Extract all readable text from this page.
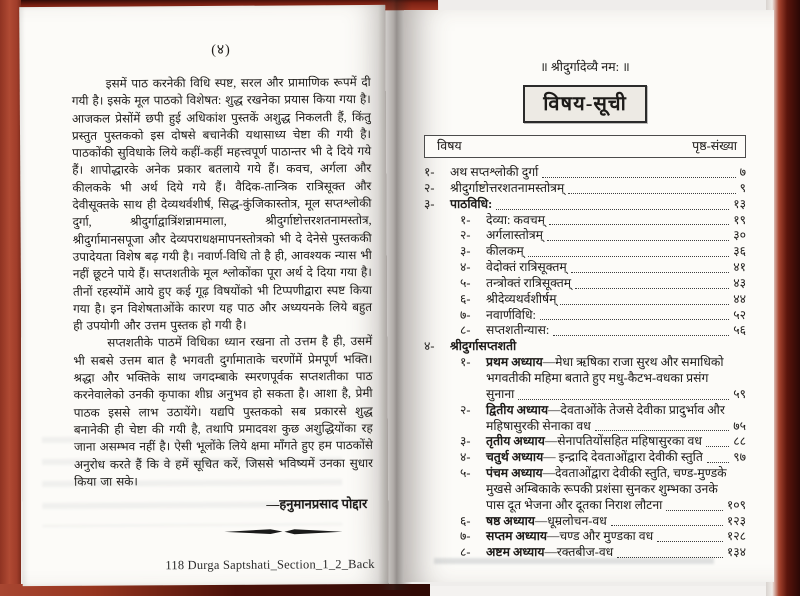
(४)

इसमें पाठ करनेकी विधि स्पष्ट, सरल और प्रामाणिक रूपमें दी गयी है। इसके मूल पाठको विशेषत: शुद्ध रखनेका प्रयास किया गया है। आजकल प्रेसोंमें छपी हुई अधिकांश पुस्तकें अशुद्ध निकलती हैं, किंतु प्रस्तुत पुस्तकको इस दोषसे बचानेकी यथासाध्य चेष्टा की गयी है। पाठकोंकी सुविधाके लिये कहीं-कहीं महत्त्वपूर्ण पाठान्तर भी दे दिये गये हैं। शापोद्धारके अनेक प्रकार बतलाये गये हैं। कवच, अर्गला और कीलकके भी अर्थ दिये गये हैं। वैदिक-तान्त्रिक रात्रिसूक्त और देवीसूक्तके साथ ही देव्यथर्वशीर्ष, सिद्ध-कुंजिकास्तोत्र, मूल सप्तश्लोकी दुर्गा, श्रीदुर्गाद्वात्रिंशन्नाममाला, श्रीदुर्गाष्टोत्तरशतनामस्तोत्र, श्रीदुर्गामानसपूजा और देव्यपराधक्षमापनस्तोत्रको भी दे देनेसे पुस्तककी उपादेयता विशेष बढ़ गयी है। नवार्ण-विधि तो है ही, आवश्यक न्यास भी नहीं छूटने पाये हैं। सप्तशतीके मूल श्लोकोंका पूरा अर्थ दे दिया गया है। तीनों रहस्योंमें आये हुए कई गूढ़ विषयोंको भी टिप्पणीद्वारा स्पष्ट किया गया है। इन विशेषताओंके कारण यह पाठ और अध्ययनके लिये बहुत ही उपयोगी और उत्तम पुस्तक हो गयी है।

सप्तशतीके पाठमें विधिका ध्यान रखना तो उत्तम है ही, उसमें भी सबसे उत्तम बात है भगवती दुर्गामाताके चरणोंमें प्रेमपूर्ण भक्ति। श्रद्धा और भक्तिके साथ जगदम्बाके स्मरणपूर्वक सप्तशतीका पाठ करनेवालेको उनकी कृपाका शीघ्र अनुभव हो सकता है। आशा है, प्रेमी पाठक इससे लाभ उठायेंगे। यद्यपि पुस्तकको सब प्रकारसे शुद्ध बनानेकी ही चेष्टा की गयी है, तथापि प्रमादवश कुछ अशुद्धियोंका रह जाना असम्भव नहीं है। ऐसी भूलोंके लिये क्षमा माँगते हुए हम पाठकोंसे अनुरोध करते हैं कि वे हमें सूचित करें, जिससे भविष्यमें उनका सुधार किया जा सके।

—हनुमानप्रसाद पोद्दार
118 Durga Saptshati_Section_1_2_Back
॥ श्रीदुर्गादेव्यै नम: ॥
विषय-सूची
विषय	पृष्ठ-संख्या
१-	अथ सप्तश्लोकी दुर्गा	७
२-	श्रीदुर्गाष्टोत्तरशतनामस्तोत्रम्	९
३-	पाठविधि:	१३
१-	देव्या: कवचम्	१९
२-	अर्गलास्तोत्रम्	३०
३-	कीलकम्	३६
४-	वेदोक्तं रात्रिसूक्तम्	४१
५-	तन्त्रोक्तं रात्रिसूक्तम्	४३
६-	श्रीदेव्यथर्वशीर्षम्	४४
७-	नवार्णविधि:	५२
८-	सप्तशतीन्यास:	५६
४-	श्रीदुर्गासप्तशती
१-	प्रथम अध्याय —मेधा ऋषिका राजा सुरथ और समाधिको
भगवतीकी महिमा बताते हुए मधु-कैटभ-वधका प्रसंग
सुनाना	५९
२-	द्वितीय अध्याय —देवताओंके तेजसे देवीका प्रादुर्भाव और
महिषासुरकी सेनाका वध	७५
३-	तृतीय अध्याय —सेनापतियोंसहित महिषासुरका वध	८८
४-	चतुर्थ अध्याय — इन्द्रादि देवताओंद्वारा देवीकी स्तुति ९७
५-	पंचम अध्याय —देवताओंद्वारा देवीकी स्तुति, चण्ड-मुण्डके
मुखसे अम्बिकाके रूपकी प्रशंसा सुनकर शुम्भका उनके
पास दूत भेजना और दूतका निराश लौटना	१०९
६-	षष्ठ अध्याय —धूम्रलोचन-वध	१२३
७-	सप्तम अध्याय —चण्ड और मुण्डका वध	१२८
८-	अष्टम अध्याय —रक्तबीज-वध	१३४
